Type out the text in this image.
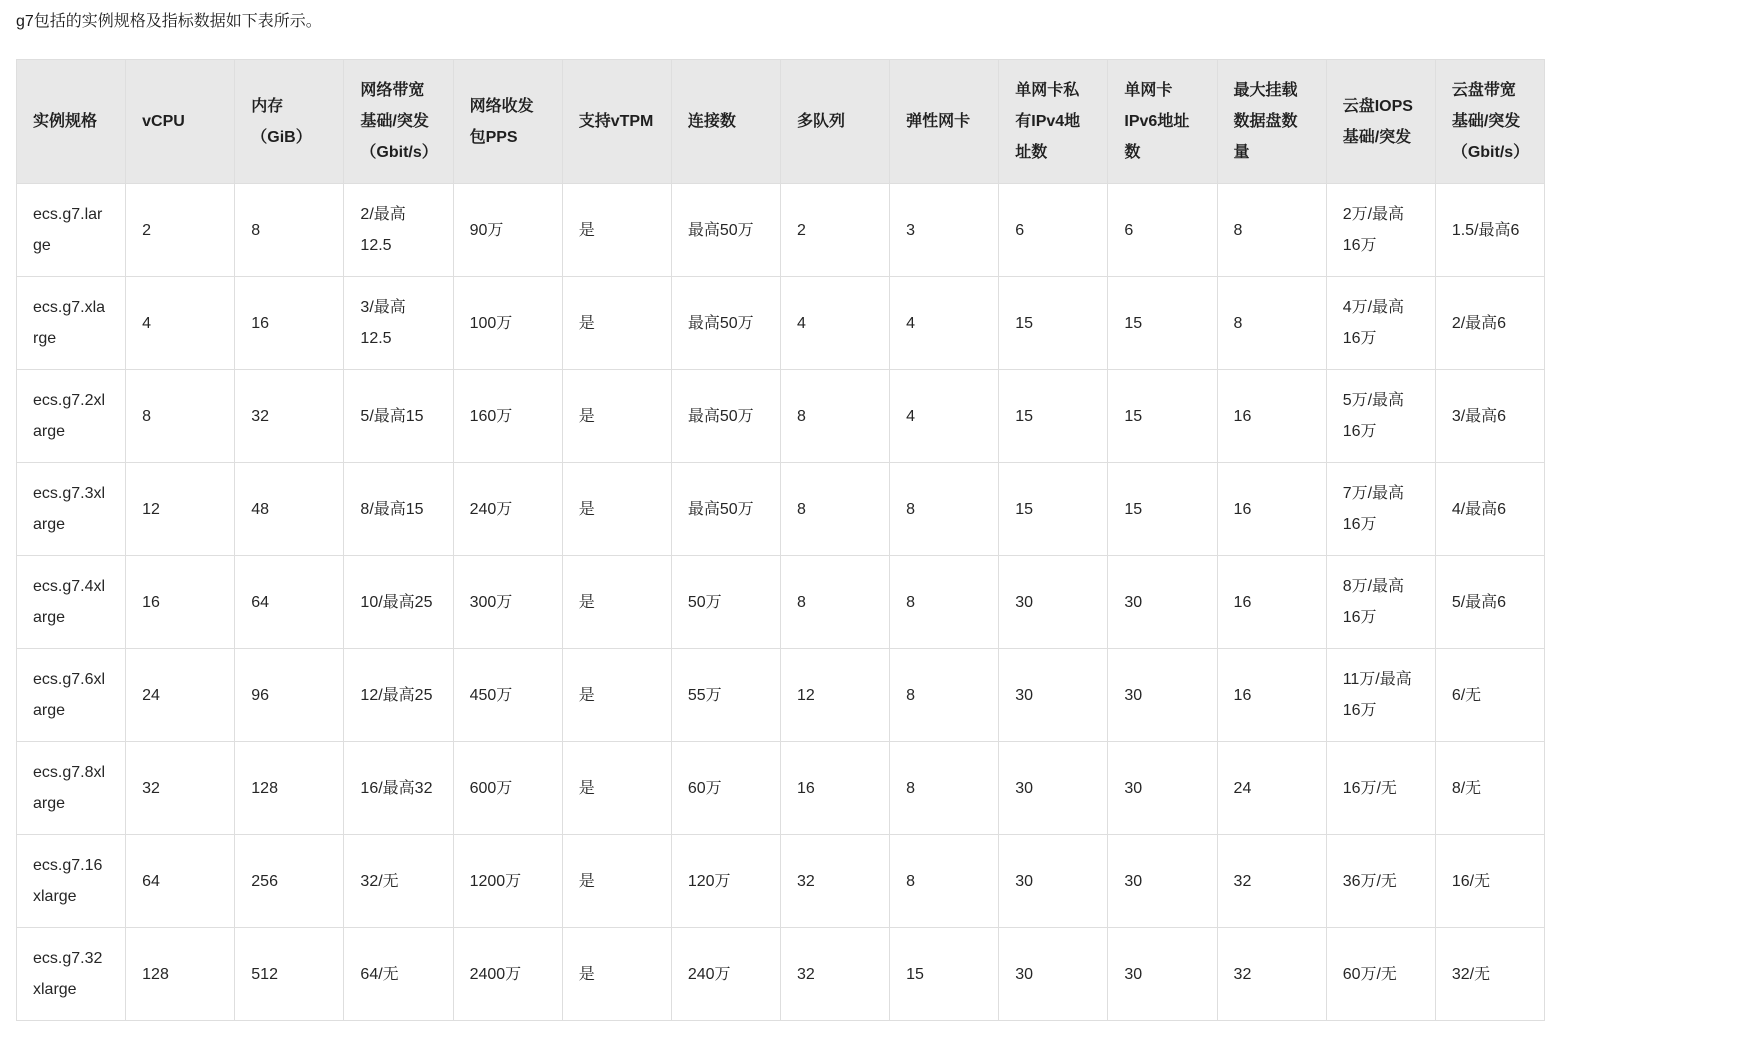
g7包括的实例规格及指标数据如下表所示。

实例规格	vCPU	内存（GiB）	网络带宽基础/突发（Gbit/s）	网络收发包PPS	支持vTPM	连接数	多队列	弹性网卡	单网卡私有IPv4地址数	单网卡IPv6地址数	最大挂载数据盘数量	云盘IOPS基础/突发	云盘带宽基础/突发（Gbit/s）
ecs.g7.large	2	8	2/最高12.5	90万	是	最高50万	2	3	6	6	8	2万/最高16万	1.5/最高6
ecs.g7.xlarge	4	16	3/最高12.5	100万	是	最高50万	4	4	15	15	8	4万/最高16万	2/最高6
ecs.g7.2xlarge	8	32	5/最高15	160万	是	最高50万	8	4	15	15	16	5万/最高16万	3/最高6
ecs.g7.3xlarge	12	48	8/最高15	240万	是	最高50万	8	8	15	15	16	7万/最高16万	4/最高6
ecs.g7.4xlarge	16	64	10/最高25	300万	是	50万	8	8	30	30	16	8万/最高16万	5/最高6
ecs.g7.6xlarge	24	96	12/最高25	450万	是	55万	12	8	30	30	16	11万/最高16万	6/无
ecs.g7.8xlarge	32	128	16/最高32	600万	是	60万	16	8	30	30	24	16万/无	8/无
ecs.g7.16xlarge	64	256	32/无	1200万	是	120万	32	8	30	30	32	36万/无	16/无
ecs.g7.32xlarge	128	512	64/无	2400万	是	240万	32	15	30	30	32	60万/无	32/无
